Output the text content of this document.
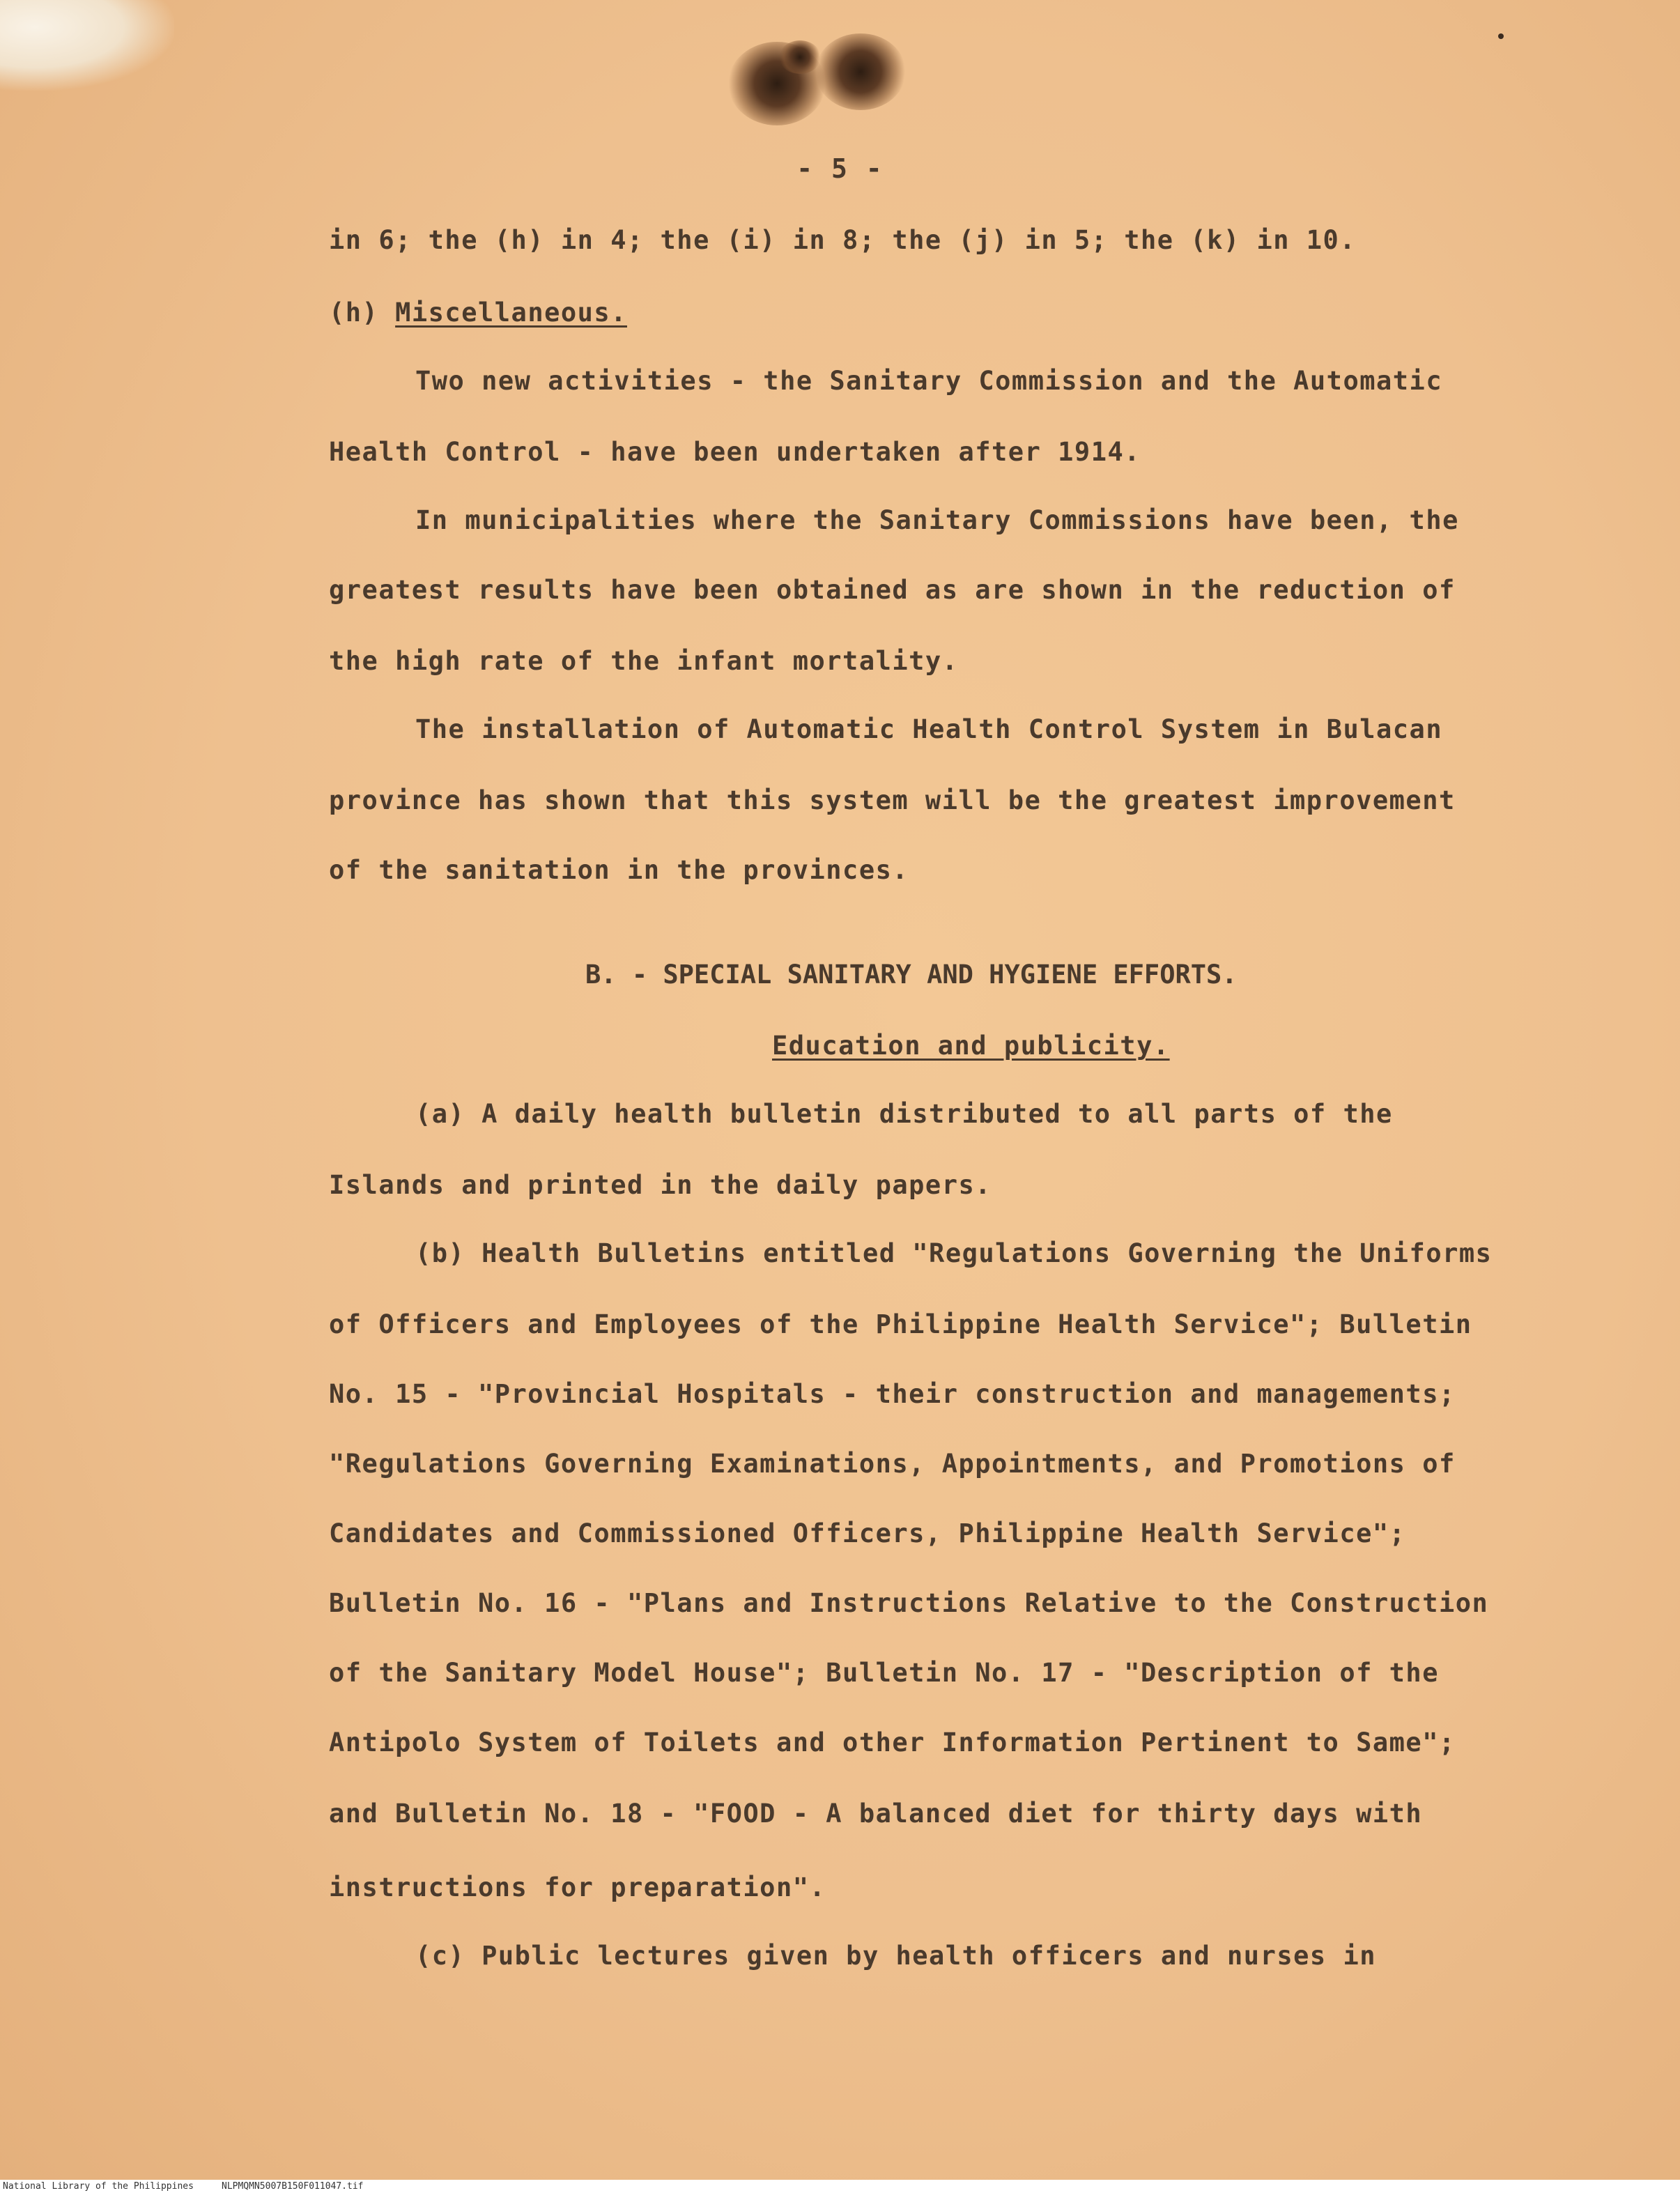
- 5 -
in 6; the (h) in 4; the (i) in 8; the (j) in 5; the (k) in 10.
(h) Miscellaneous.
Two new activities - the Sanitary Commission and the Automatic
Health Control - have been undertaken after 1914.
In municipalities where the Sanitary Commissions have been, the
greatest results have been obtained as are shown in the reduction of
the high rate of the infant mortality.
The installation of Automatic Health Control System in Bulacan
province has shown that this system will be the greatest improvement
of the sanitation in the provinces.
B. - SPECIAL SANITARY AND HYGIENE EFFORTS.
Education and publicity.
(a) A daily health bulletin distributed to all parts of the
Islands and printed in the daily papers.
(b) Health Bulletins entitled "Regulations Governing the Uniforms
of Officers and Employees of the Philippine Health Service"; Bulletin
No. 15 - "Provincial Hospitals - their construction and managements;
"Regulations Governing Examinations, Appointments, and Promotions of
Candidates and Commissioned Officers, Philippine Health Service";
Bulletin No. 16 - "Plans and Instructions Relative to the Construction
of the Sanitary Model House"; Bulletin No. 17 - "Description of the
Antipolo System of Toilets and other Information Pertinent to Same";
and Bulletin No. 18 - "FOOD - A balanced diet for thirty days with
instructions for preparation".
(c) Public lectures given by health officers and nurses in
National Library of the Philippines	NLPMQMN5007B150F011047.tif
